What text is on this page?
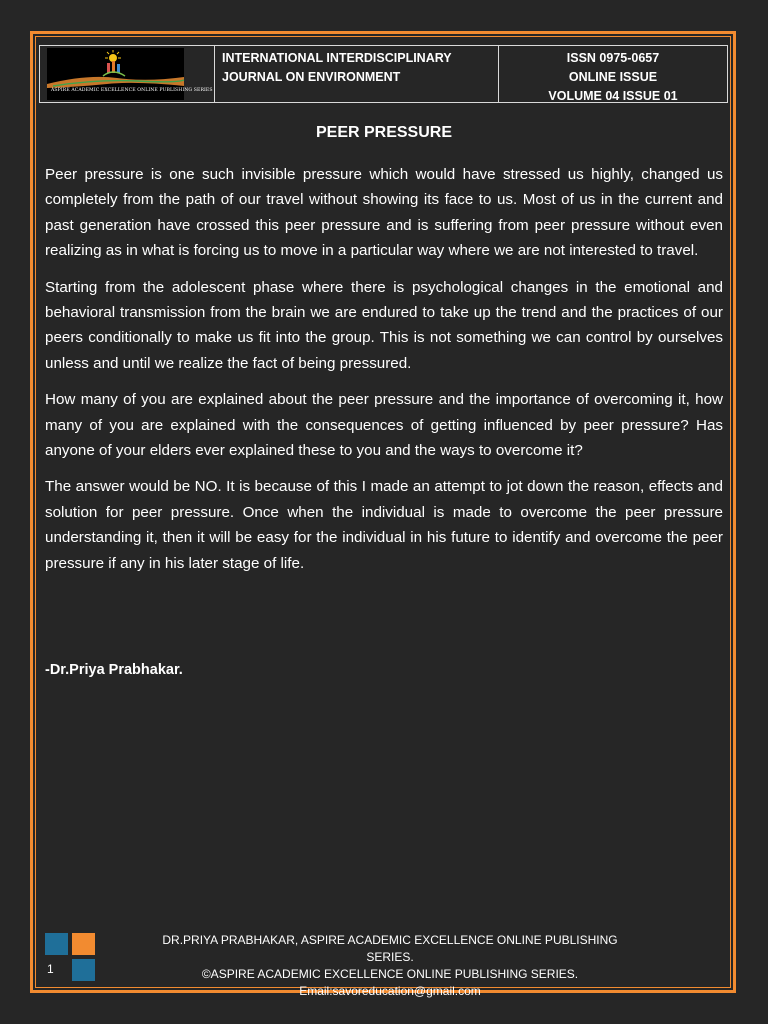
ASPIRE ACADEMIC EXCELLENCE ONLINE PUBLISHING SERIES
INTERNATIONAL INTERDISCIPLINARY
JOURNAL ON ENVIRONMENT
ISSN 0975-0657
ONLINE ISSUE
VOLUME 04 ISSUE 01
PEER PRESSURE

Peer pressure is one such invisible pressure which would have stressed us highly, changed us completely from the path of our travel without showing its face to us. Most of us in the current and past generation have crossed this peer pressure and is suffering from peer pressure without even realizing as in what is forcing us to move in a particular way where we are not interested to travel.

Starting from the adolescent phase where there is psychological changes in the emotional and behavioral transmission from the brain we are endured to take up the trend and the practices of our peers conditionally to make us fit into the group. This is not something we can control by ourselves unless and until we realize the fact of being pressured.

How many of you are explained about the peer pressure and the importance of overcoming it, how many of you are explained with the consequences of getting influenced by peer pressure? Has anyone of your elders ever explained these to you and the ways to overcome it?

The answer would be NO. It is because of this I made an attempt to jot down the reason, effects and solution for peer pressure. Once when the individual is made to overcome the peer pressure understanding it, then it will be easy for the individual in his future to identify and overcome the peer pressure if any in his later stage of life.

-Dr.Priya Prabhakar.
1
DR.PRIYA PRABHAKAR, ASPIRE ACADEMIC EXCELLENCE ONLINE PUBLISHING SERIES.
©ASPIRE ACADEMIC EXCELLENCE ONLINE PUBLISHING SERIES.
Email:savoreducation@gmail.com
